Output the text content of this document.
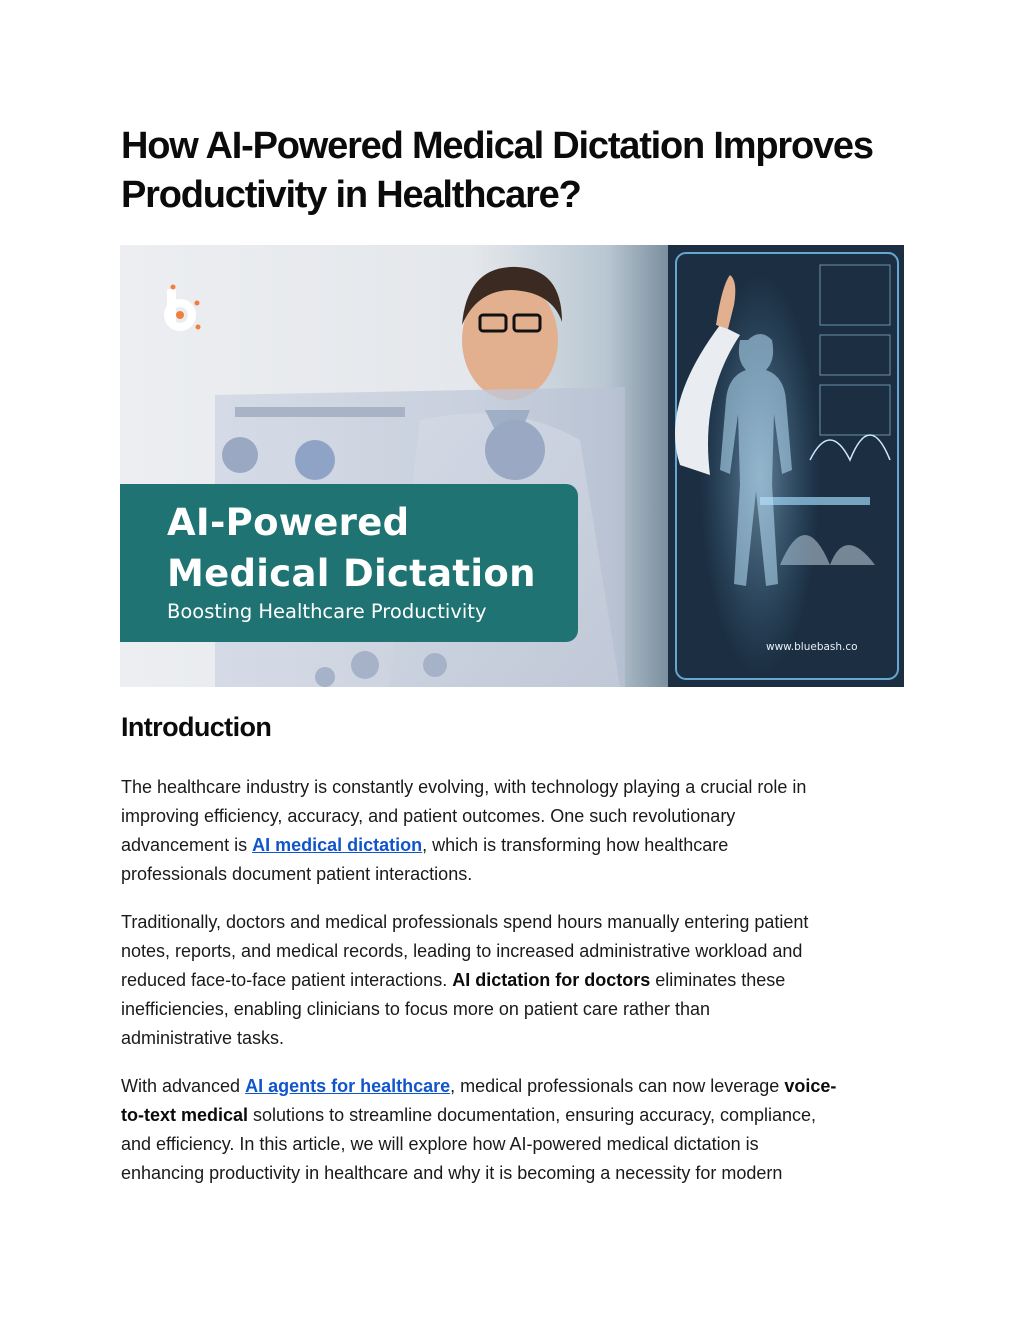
How AI-Powered Medical Dictation Improves
Productivity in Healthcare?
AI-Powered
Medical Dictation
Boosting Healthcare Productivity
www.bluebash.co
Introduction

The healthcare industry is constantly evolving, with technology playing a crucial role in
improving efficiency, accuracy, and patient outcomes. One such revolutionary
advancement is AI medical dictation, which is transforming how healthcare
professionals document patient interactions.

Traditionally, doctors and medical professionals spend hours manually entering patient
notes, reports, and medical records, leading to increased administrative workload and
reduced face-to-face patient interactions. AI dictation for doctors eliminates these
inefficiencies, enabling clinicians to focus more on patient care rather than
administrative tasks.

With advanced AI agents for healthcare, medical professionals can now leverage voice-
to-text medical solutions to streamline documentation, ensuring accuracy, compliance,
and efficiency. In this article, we will explore how AI-powered medical dictation is
enhancing productivity in healthcare and why it is becoming a necessity for modern
